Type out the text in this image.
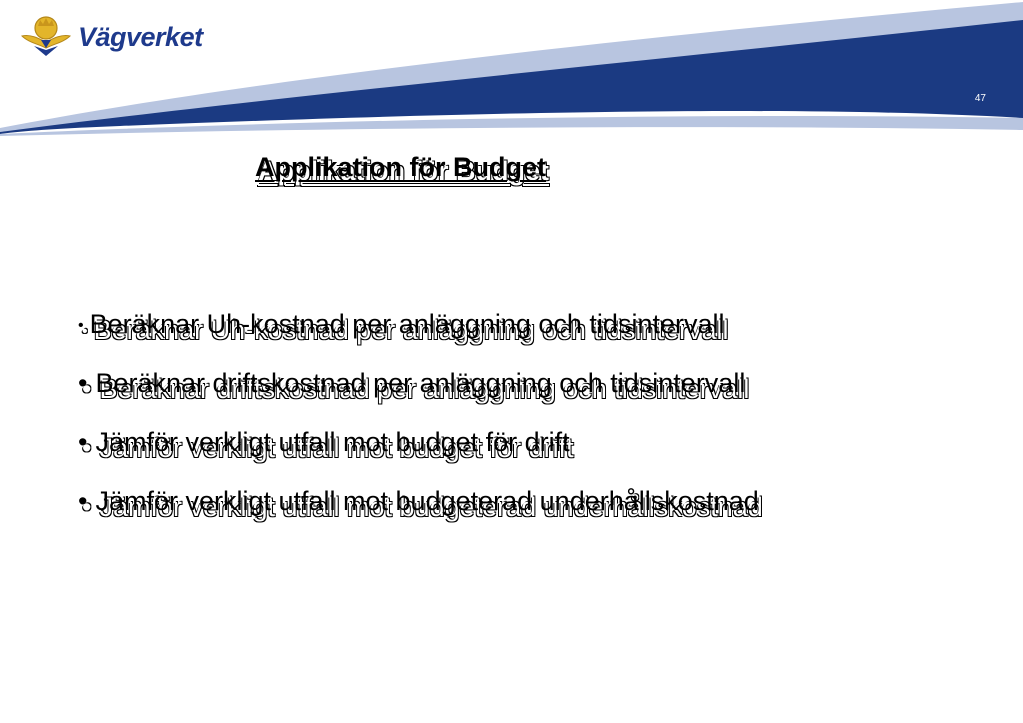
Vägverket
47
Applikation för Budget
• Beräknar Uh-kostnad per anläggning och tidsintervall
• Beräknar driftskostnad per anläggning och tidsintervall
• Jämför verkligt utfall mot budget för drift
• Jämför verkligt utfall mot budgeterad underhållskostnad
